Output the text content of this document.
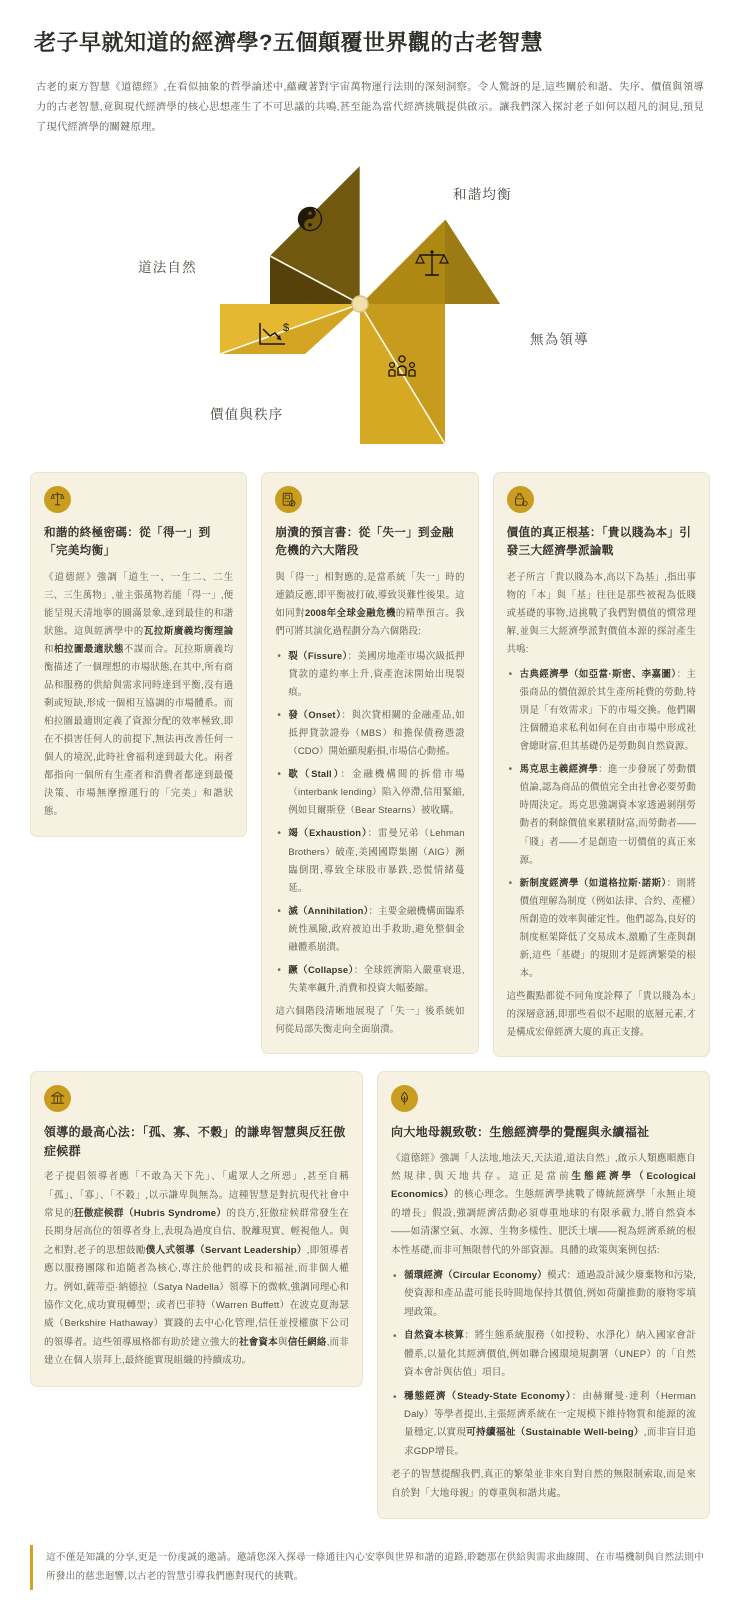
老子早就知道的經濟學?五個顛覆世界觀的古老智慧

古老的東方智慧《道德經》,在看似抽象的哲學論述中,蘊藏著對宇宙萬物運行法則的深刻洞察。令人驚訝的是,這些關於和諧、失序、價值與領導力的古老智慧,竟與現代經濟學的核心思想產生了不可思議的共鳴,甚至能為當代經濟挑戰提供啟示。讓我們深入探討老子如何以超凡的洞見,預見了現代經濟學的關鍵原理。

$
和諧均衡
道法自然
無為領導
價值與秩序
和諧的終極密碼：從「得一」到「完美均衡」
《道德經》強調「道生一、一生二、二生三、三生萬物」,並主張萬物若能「得一」,便能呈現天清地寧的圓滿景象,達到最佳的和諧狀態。這與經濟學中的瓦拉斯廣義均衡理論和柏拉圖最適狀態不謀而合。瓦拉斯廣義均衡描述了一個理想的市場狀態,在其中,所有商品和服務的供給與需求同時達到平衡,沒有過剩或短缺,形成一個相互協調的市場體系。而柏拉圖最適則定義了資源分配的效率極致,即在不損害任何人的前提下,無法再改善任何一個人的境況,此時社會福利達到最大化。兩者都指向一個所有生產者和消費者都達到最優決策、市場無摩擦運行的「完美」和諧狀態。
崩潰的預言書：從「失一」到金融危機的六大階段
與「得一」相對應的,是當系統「失一」時的連鎖反應,即平衡被打破,導致災難性後果。這如同對2008年全球金融危機的精準預言。我們可將其演化過程劃分為六個階段:
• 裂（Fissure）：美國房地產市場次級抵押貸款的違約率上升,資產泡沫開始出現裂痕。
• 發（Onset）：與次貸相關的金融產品,如抵押貸款證券（MBS）和擔保債務憑證（CDO）開始顯現虧損,市場信心動搖。
• 歇（Stall）：金融機構間的拆借市場（interbank lending）陷入停滯,信用緊縮,例如貝爾斯登（Bear Stearns）被收購。
• 竭（Exhaustion）：雷曼兄弟（Lehman Brothers）破產,美國國際集團（AIG）瀕臨倒閉,導致全球股市暴跌,恐慌情緒蔓延。
• 滅（Annihilation）：主要金融機構面臨系統性風險,政府被迫出手救助,避免整個金融體系崩潰。
• 蹶（Collapse）：全球經濟陷入嚴重衰退,失業率飆升,消費和投資大幅萎縮。
這六個階段清晰地展現了「失一」後系統如何從局部失衡走向全面崩潰。
價值的真正根基：「貴以賤為本」引發三大經濟學派論戰
老子所言「貴以賤為本,高以下為基」,指出事物的「本」與「基」往往是那些被視為低賤或基礎的事物,這挑戰了我們對價值的慣常理解,並與三大經濟學派對價值本源的探討產生共鳴:
• 古典經濟學（如亞當·斯密、李嘉圖）：主張商品的價值源於其生產所耗費的勞動,特別是「有效需求」下的市場交換。他們關注個體追求私利如何在自由市場中形成社會總財富,但其基礎仍是勞動與自然資源。
• 馬克思主義經濟學：進一步發展了勞動價值論,認為商品的價值完全由社會必要勞動時間決定。馬克思強調資本家透過剝削勞動者的剩餘價值來累積財富,而勞動者——「賤」者——才是創造一切價值的真正來源。
• 新制度經濟學（如道格拉斯·諾斯）：則將價值理解為制度（例如法律、合約、產權）所創造的效率與確定性。他們認為,良好的制度框架降低了交易成本,激勵了生產與創新,這些「基礎」的規則才是經濟繁榮的根本。
這些觀點都從不同角度詮釋了「貴以賤為本」的深層意涵,即那些看似不起眼的底層元素,才是構成宏偉經濟大廈的真正支撐。
領導的最高心法：「孤、寡、不穀」的謙卑智慧與反狂傲症候群
老子提倡領導者應「不敢為天下先」、「處眾人之所惡」,甚至自稱「孤」、「寡」、「不穀」,以示謙卑與無為。這種智慧是對抗現代社會中常見的狂傲症候群（Hubris Syndrome）的良方,狂傲症候群常發生在長期身居高位的領導者身上,表現為過度自信、脫離現實、輕視他人。與之相對,老子的思想鼓勵僕人式領導（Servant Leadership）,即領導者應以服務團隊和追隨者為核心,專注於他們的成長和福祉,而非個人權力。例如,薩蒂亞·納德拉（Satya Nadella）領導下的微軟,強調同理心和協作文化,成功實現轉型；或者巴菲特（Warren Buffett）在波克夏海瑟威（Berkshire Hathaway）實踐的去中心化管理,信任並授權旗下公司的領導者。這些領導風格都有助於建立強大的社會資本與信任網絡,而非建立在個人崇拜上,最終能實現組織的持續成功。
向大地母親致敬：生態經濟學的覺醒與永續福祉
《道德經》強調「人法地,地法天,天法道,道法自然」,啟示人類應順應自然規律,與天地共存。這正是當前生態經濟學（Ecological Economics）的核心理念。生態經濟學挑戰了傳統經濟學「永無止境的增長」假設,強調經濟活動必須尊重地球的有限承載力,將自然資本——如清潔空氣、水源、生物多樣性、肥沃土壤——視為經濟系統的根本性基礎,而非可無限替代的外部資源。具體的政策與案例包括:
• 循環經濟（Circular Economy）模式：通過設計減少廢棄物和污染,使資源和產品盡可能長時間地保持其價值,例如荷蘭推動的廢物零填埋政策。
• 自然資本核算：將生態系統服務（如授粉、水淨化）納入國家會計體系,以量化其經濟價值,例如聯合國環境規劃署（UNEP）的「自然資本會計與估值」項目。
• 穩態經濟（Steady-State Economy）：由赫爾曼·達利（Herman Daly）等學者提出,主張經濟系統在一定規模下維持物質和能源的流量穩定,以實現可持續福祉（Sustainable Well-being）,而非盲目追求GDP增長。
老子的智慧提醒我們,真正的繁榮並非來自對自然的無限制索取,而是來自於對「大地母親」的尊重與和諧共處。

這不僅是知識的分享,更是一份虔誠的邀請。邀請您深入探尋一條通往內心安寧與世界和諧的道路,聆聽那在供給與需求曲線間、在市場機制與自然法則中所發出的慈悲迴響,以古老的智慧引導我們應對現代的挑戰。
